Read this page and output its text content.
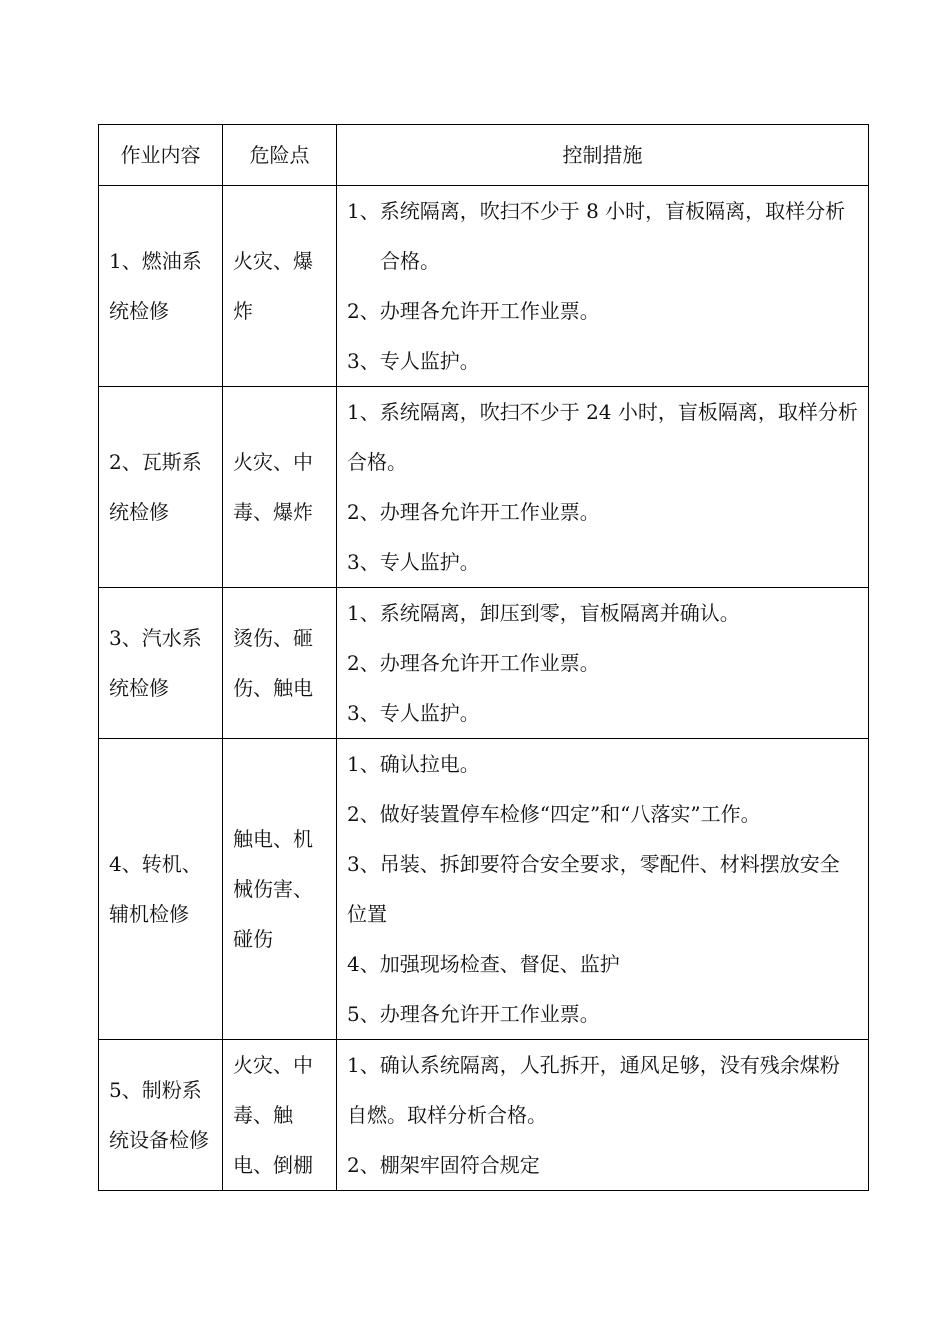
作业内容	危险点	控制措施
1、燃油系统检修	火灾、爆炸	1、系统隔离，吹扫不少于 8 小时，盲板隔离，取样分析合格。
2、办理各允许开工作业票。
3、专人监护。

2、瓦斯系统检修	火灾、中毒、爆炸	1、系统隔离，吹扫不少于 24 小时，盲板隔离，取样分析合格。
2、办理各允许开工作业票。
3、专人监护。

3、汽水系统检修	烫伤、砸伤、触电	1、系统隔离，卸压到零，盲板隔离并确认。
2、办理各允许开工作业票。
3、专人监护。

4、转机、辅机检修	触电、机械伤害、碰伤	1、确认拉电。
2、做好装置停车检修“四定”和“八落实”工作。
3、吊装、拆卸要符合安全要求，零配件、材料摆放安全位置
4、加强现场检查、督促、监护
5、办理各允许开工作业票。

5、制粉系统设备检修	火灾、中毒、触电、倒棚	1、确认系统隔离，人孔拆开，通风足够，没有残余煤粉自燃。取样分析合格。
2、棚架牢固符合规定
